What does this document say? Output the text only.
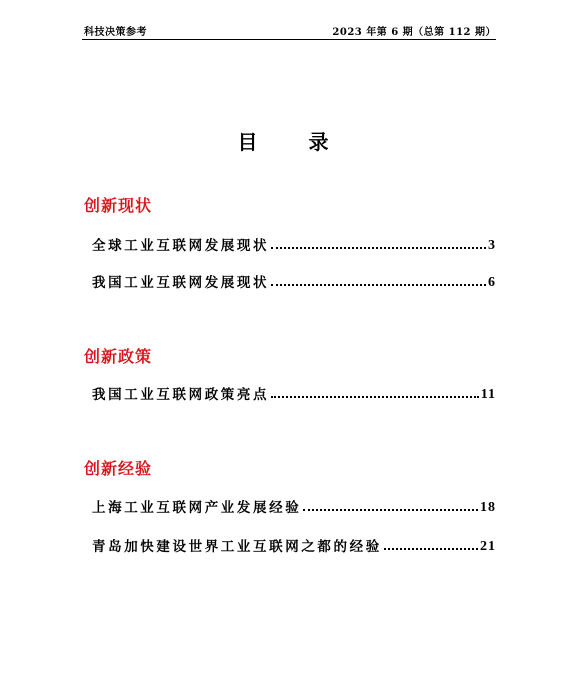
科技决策参考	2023 年第 6 期（总第 112 期）
目 录
创新现状
全球工业互联网发展现状	3
我国工业互联网发展现状	6
创新政策
我国工业互联网政策亮点	11
创新经验
上海工业互联网产业发展经验	18
青岛加快建设世界工业互联网之都的经验	21
